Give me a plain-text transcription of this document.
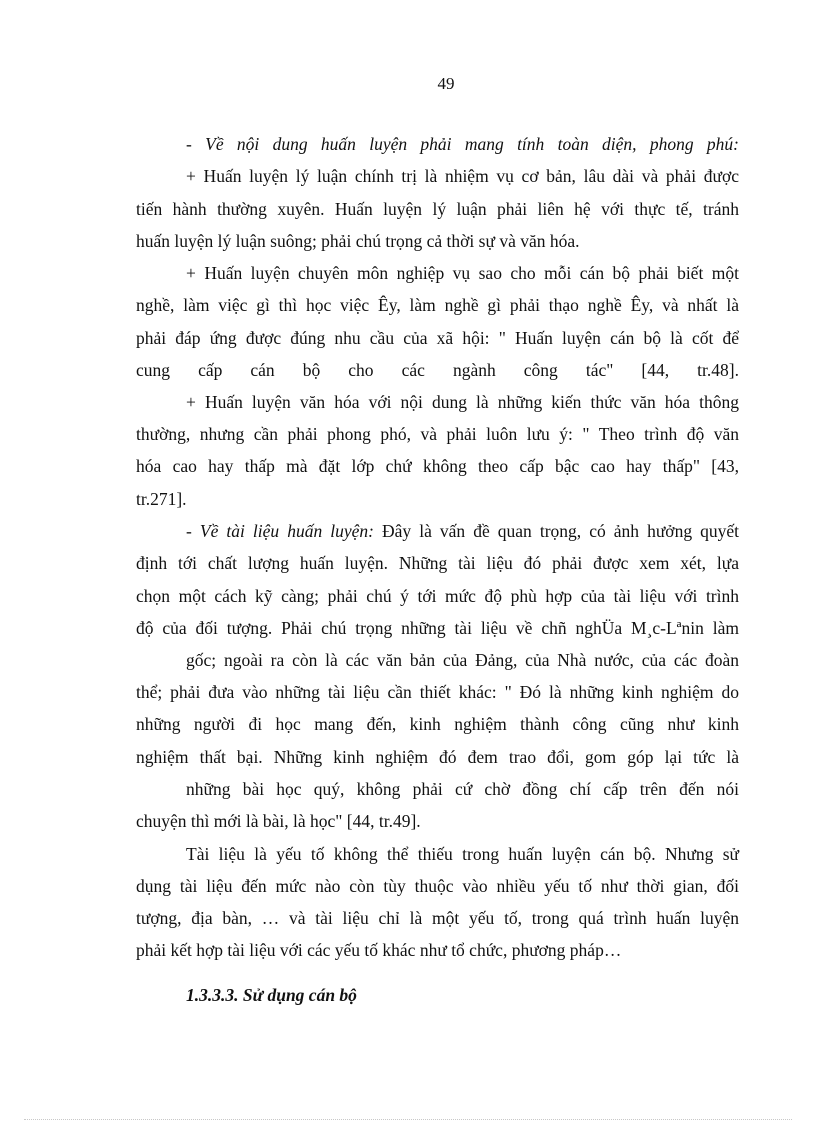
49
- Về nội dung huấn luyện phải mang tính toàn diện, phong phú:
+ Huấn luyện lý luận chính trị là nhiệm vụ cơ bản, lâu dài và phải được
tiến hành thường xuyên. Huấn luyện lý luận phải liên hệ với thực tế, tránh
huấn luyện lý luận suông; phải chú trọng cả thời sự và văn hóa.
+ Huấn luyện chuyên môn nghiệp vụ sao cho mỗi cán bộ phải biết một
nghề, làm việc gì thì học việc Êy, làm nghề gì phải thạo nghề Êy, và nhất là
phải đáp ứng được đúng nhu cầu của xã hội: " Huấn luyện cán bộ là cốt để
cung cấp cán bộ cho các ngành công tác" [44, tr.48].
+ Huấn luyện văn hóa với nội dung là những kiến thức văn hóa thông
thường, nhưng cần phải phong phó, và phải luôn lưu ý: " Theo trình độ văn
hóa cao hay thấp mà đặt lớp chứ không theo cấp bậc cao hay thấp" [43,
tr.271].
- Về tài liệu huấn luyện: Đây là vấn đề quan trọng, có ảnh hưởng quyết
định tới chất lượng huấn luyện. Những tài liệu đó phải được xem xét, lựa
chọn một cách kỹ càng; phải chú ý tới mức độ phù hợp của tài liệu với trình
độ của đối tượng. Phải chú trọng những tài liệu về chñ nghÜa M¸c-Lªnin làm
gốc; ngoài ra còn là các văn bản của Đảng, của Nhà nước, của các đoàn
thể; phải đưa vào những tài liệu cần thiết khác: " Đó là những kinh nghiệm do
những người đi học mang đến, kinh nghiệm thành công cũng như kinh
nghiệm thất bại. Những kinh nghiệm đó đem trao đổi, gom góp lại tức là
những bài học quý, không phải cứ chờ đồng chí cấp trên đến nói
chuyện thì mới là bài, là học" [44, tr.49].
Tài liệu là yếu tố không thể thiếu trong huấn luyện cán bộ. Nhưng sử
dụng tài liệu đến mức nào còn tùy thuộc vào nhiều yếu tố như thời gian, đối
tượng, địa bàn, … và tài liệu chỉ là một yếu tố, trong quá trình huấn luyện
phải kết hợp tài liệu với các yếu tố khác như tổ chức, phương pháp…
1.3.3.3. Sử dụng cán bộ
